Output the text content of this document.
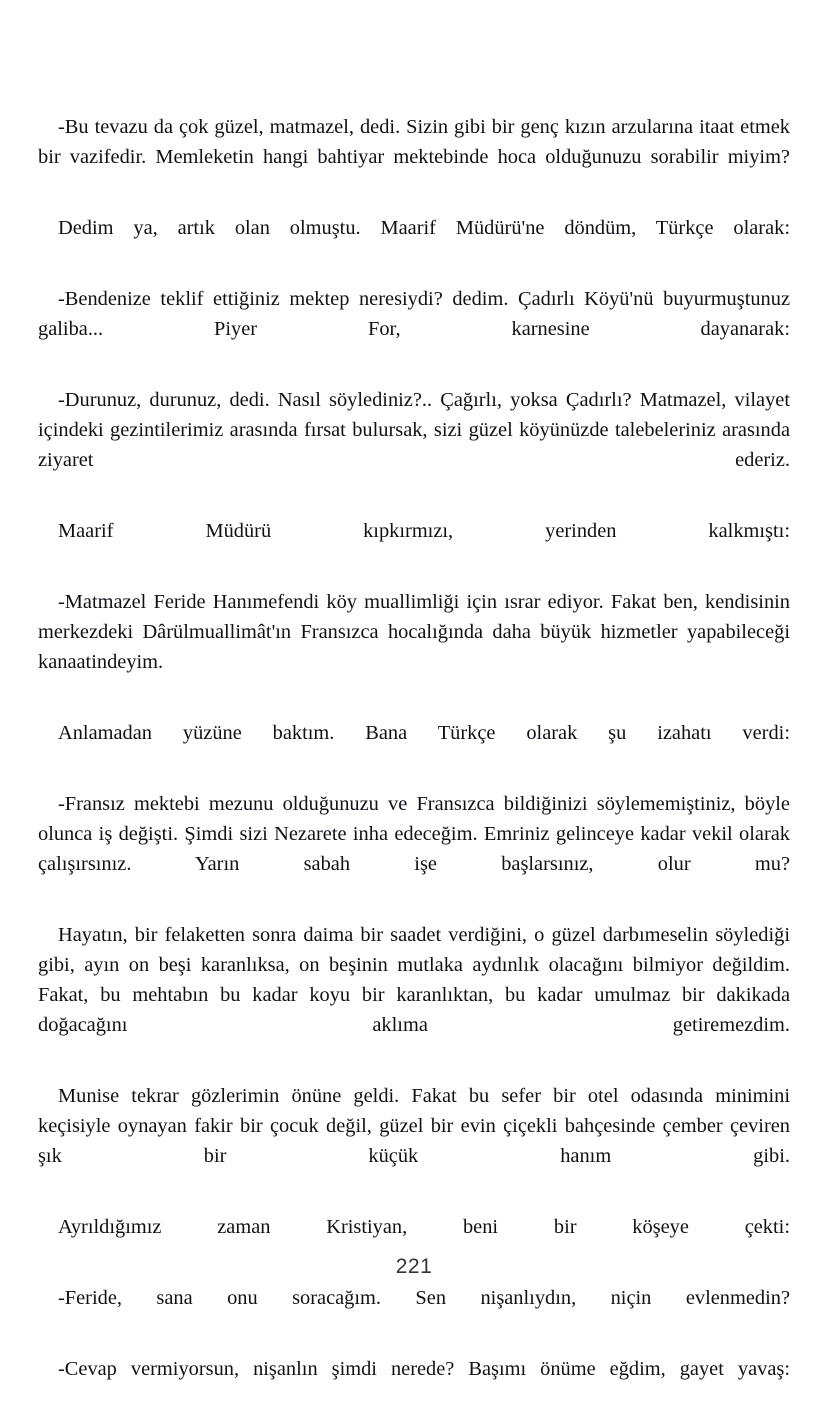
-Bu tevazu da çok güzel, matmazel, dedi. Sizin gibi bir genç kızın arzularına itaat etmek bir vazifedir. Memleketin hangi bahtiyar mektebinde hoca olduğunuzu sorabilir miyim?

Dedim ya, artık olan olmuştu. Maarif Müdürü'ne döndüm, Türkçe olarak:

-Bendenize teklif ettiğiniz mektep neresiydi? dedim. Çadırlı Köyü'nü buyurmuştunuz galiba... Piyer For, karnesine dayanarak:

-Durunuz, durunuz, dedi. Nasıl söylediniz?.. Çağırlı, yoksa Çadırlı? Matmazel, vilayet içindeki gezintilerimiz arasında fırsat bulursak, sizi güzel köyünüzde talebeleriniz arasında ziyaret ederiz.

Maarif Müdürü kıpkırmızı, yerinden kalkmıştı:

-Matmazel Feride Hanımefendi köy muallimliği için ısrar ediyor. Fakat ben, kendisinin merkezdeki Dârülmuallimât'ın Fransızca hocalığında daha büyük hizmetler yapabileceği kanaatindeyim.

Anlamadan yüzüne baktım. Bana Türkçe olarak şu izahatı verdi:

-Fransız mektebi mezunu olduğunuzu ve Fransızca bildiğinizi söylememiştiniz, böyle olunca iş değişti. Şimdi sizi Nezarete inha edeceğim. Emriniz gelinceye kadar vekil olarak çalışırsınız. Yarın sabah işe başlarsınız, olur mu?

Hayatın, bir felaketten sonra daima bir saadet verdiğini, o güzel darbımeselin söylediği gibi, ayın on beşi karanlıksa, on beşinin mutlaka aydınlık olacağını bilmiyor değildim. Fakat, bu mehtabın bu kadar koyu bir karanlıktan, bu kadar umulmaz bir dakikada doğacağını aklıma getiremezdim.

Munise tekrar gözlerimin önüne geldi. Fakat bu sefer bir otel odasında minimini keçisiyle oynayan fakir bir çocuk değil, güzel bir evin çiçekli bahçesinde çember çeviren şık bir küçük hanım gibi.

Ayrıldığımız zaman Kristiyan, beni bir köşeye çekti:

-Feride, sana onu soracağım. Sen nişanlıydın, niçin evlenmedin?

-Cevap vermiyorsun, nişanlın şimdi nerede? Başımı önüme eğdim, gayet yavaş:

221
